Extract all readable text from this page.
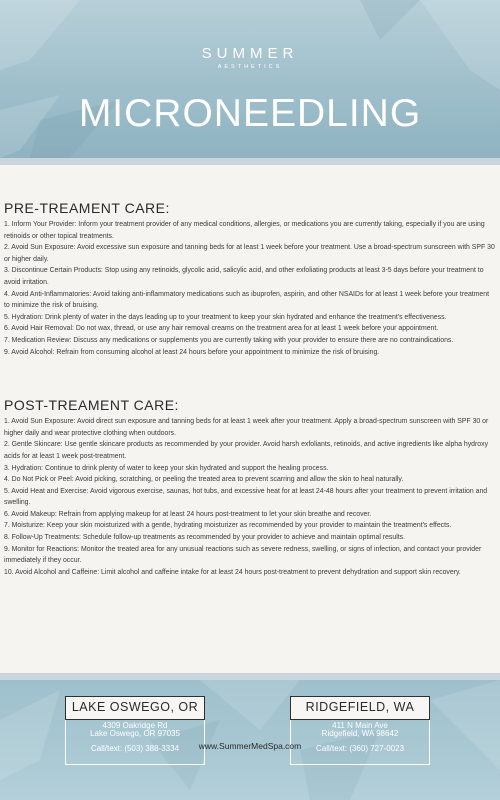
SUMMER
AESTHETICS
MICRONEEDLING
PRE-TREAMENT CARE:

1. Inform Your Provider: Inform your treatment provider of any medical conditions, allergies, or medications you are currently taking, especially if you are using retinoids or other topical treatments.

2. Avoid Sun Exposure: Avoid excessive sun exposure and tanning beds for at least 1 week before your treatment. Use a broad-spectrum sunscreen with SPF 30 or higher daily.

3. Discontinue Certain Products: Stop using any retinoids, glycolic acid, salicylic acid, and other exfoliating products at least 3-5 days before your treatment to avoid irritation.

4. Avoid Anti-Inflammatories: Avoid taking anti-inflammatory medications such as ibuprofen, aspirin, and other NSAIDs for at least 1 week before your treatment to minimize the risk of bruising.

5. Hydration: Drink plenty of water in the days leading up to your treatment to keep your skin hydrated and enhance the treatment's effectiveness.

6. Avoid Hair Removal: Do not wax, thread, or use any hair removal creams on the treatment area for at least 1 week before your appointment.

7. Medication Review: Discuss any medications or supplements you are currently taking with your provider to ensure there are no contraindications.

9. Avoid Alcohol: Refrain from consuming alcohol at least 24 hours before your appointment to minimize the risk of bruising.

POST-TREAMENT CARE:

1. Avoid Sun Exposure: Avoid direct sun exposure and tanning beds for at least 1 week after your treatment. Apply a broad-spectrum sunscreen with SPF 30 or higher daily and wear protective clothing when outdoors.

2. Gentle Skincare: Use gentle skincare products as recommended by your provider. Avoid harsh exfoliants, retinoids, and active ingredients like alpha hydroxy acids for at least 1 week post-treatment.

3. Hydration: Continue to drink plenty of water to keep your skin hydrated and support the healing process.

4. Do Not Pick or Peel: Avoid picking, scratching, or peeling the treated area to prevent scarring and allow the skin to heal naturally.

5. Avoid Heat and Exercise: Avoid vigorous exercise, saunas, hot tubs, and excessive heat for at least 24-48 hours after your treatment to prevent irritation and swelling.

6. Avoid Makeup: Refrain from applying makeup for at least 24 hours post-treatment to let your skin breathe and recover.

7. Moisturize: Keep your skin moisturized with a gentle, hydrating moisturizer as recommended by your provider to maintain the treatment's effects.

8. Follow-Up Treatments: Schedule follow-up treatments as recommended by your provider to achieve and maintain optimal results.

9. Monitor for Reactions: Monitor the treated area for any unusual reactions such as severe redness, swelling, or signs of infection, and contact your provider immediately if they occur.

10. Avoid Alcohol and Caffeine: Limit alcohol and caffeine intake for at least 24 hours post-treatment to prevent dehydration and support skin recovery.

LAKE OSWEGO, OR
4309 Oakridge Rd
Lake Oswego, OR 97035
Call/text: (503) 388-3334
RIDGEFIELD, WA
411 N Main Ave
Ridgefield, WA 98642
Call/text: (360) 727-0023
www.SummerMedSpa.com
